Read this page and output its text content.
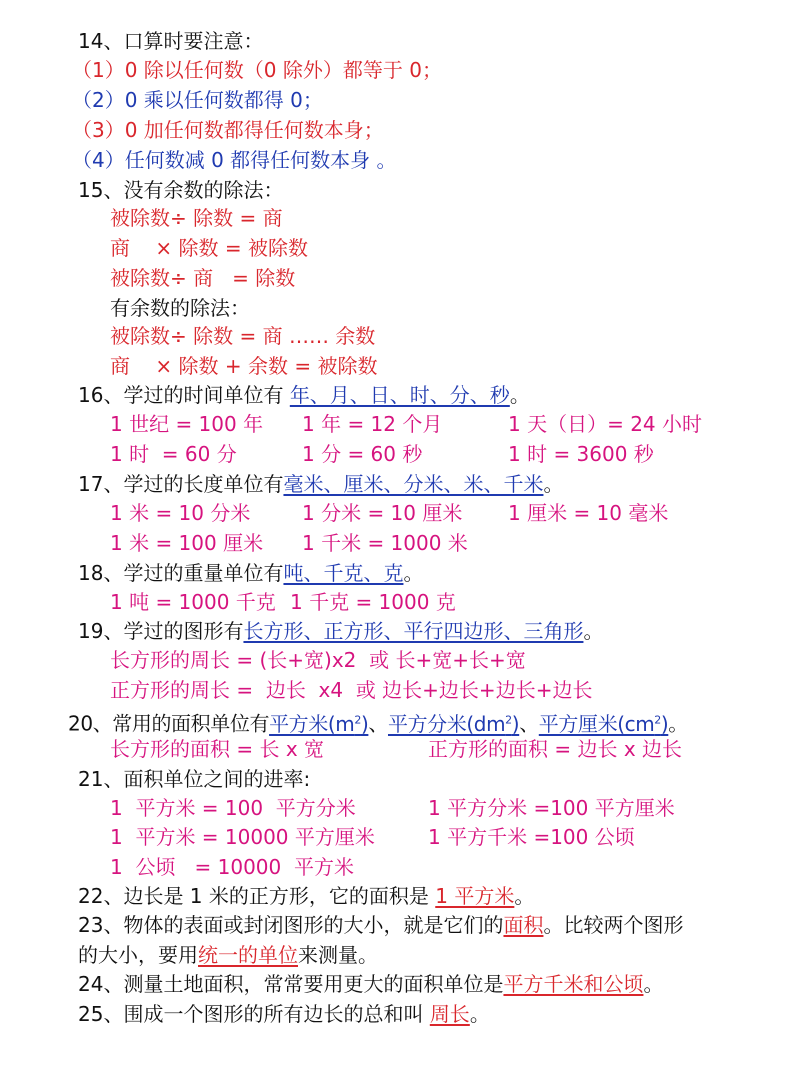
14、口算时要注意：
（1）0 除以任何数（0 除外）都等于 0；
（2）0 乘以任何数都得 0；
（3）0 加任何数都得任何数本身；
（4）任何数减 0 都得任何数本身 。
15、没有余数的除法：
被除数÷ 除数 = 商
商    × 除数 = 被除数
被除数÷ 商   = 除数
有余数的除法：
被除数÷ 除数 = 商 …… 余数
商    × 除数 + 余数 = 被除数
16、学过的时间单位有 年、月、日、时、分、秒。
1 世纪 = 100 年 1 年 = 12 个月	1 天（日）= 24 小时
1 时  = 60 分	1 分 = 60 秒	1 时 = 3600 秒
17、学过的长度单位有毫米、厘米、分米、米、千米。
1 米 = 10 分米	1 分米 = 10 厘米 1 厘米 = 10 毫米
1 米 = 100 厘米 1 千米 = 1000 米
18、学过的重量单位有吨、千克、克。
1 吨 = 1000 千克 1 千克 = 1000 克
19、学过的图形有长方形、正方形、平行四边形、三角形。
长方形的周长 = (长+宽)x2  或 长+宽+长+宽
正方形的周长 =  边长  x4  或 边长+边长+边长+边长
20、常用的面积单位有平方米$(m^2)$、平方分米$(dm^2)$、平方厘米$(cm^2)$。
长方形的面积 = 长 x 宽	正方形的面积 = 边长 x 边长
21、面积单位之间的进率:
1  平方米 = 100  平方分米	1 平方分米 =100 平方厘米
1  平方米 = 10000 平方厘米	1 平方千米 =100 公顷
1  公顷   = 10000  平方米
22、边长是 1 米的正方形，它的面积是 1 平方米。
23、物体的表面或封闭图形的大小，就是它们的面积。比较两个图形
的大小，要用统一的单位来测量。
24、测量土地面积，常常要用更大的面积单位是平方千米和公顷。
25、围成一个图形的所有边长的总和叫 周长。
